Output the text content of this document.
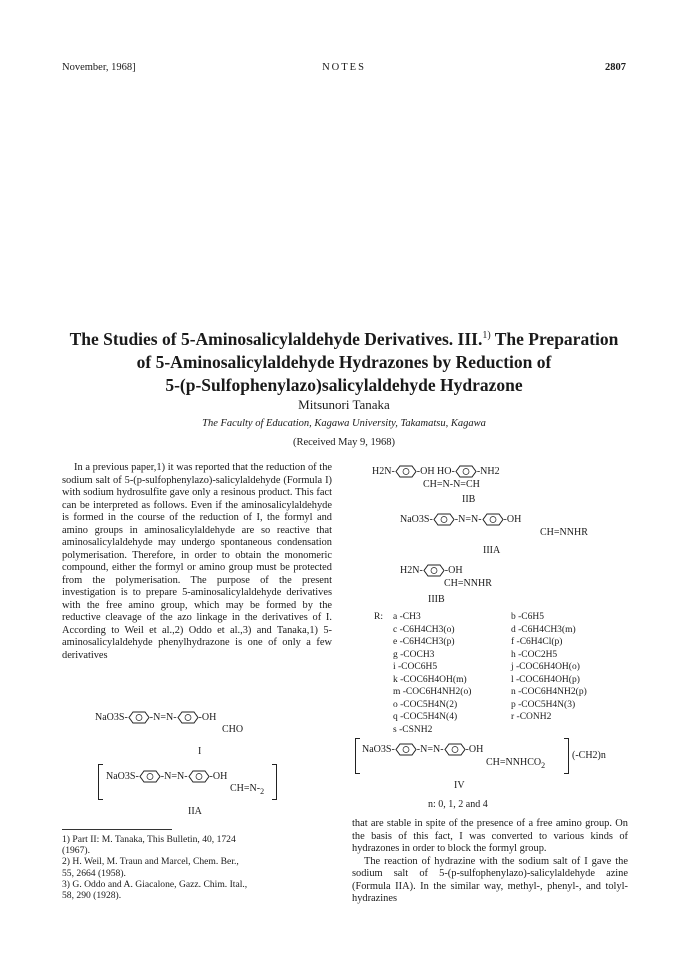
November, 1968]	NOTES	2807
The Studies of 5-Aminosalicylaldehyde Derivatives. III.$^{1)}$ The Preparation
of 5-Aminosalicylaldehyde Hydrazones by Reduction of
5-(p-Sulfophenylazo)salicylaldehyde Hydrazone
Mitsunori Tanaka
The Faculty of Education, Kagawa University, Takamatsu, Kagawa
(Received May 9, 1968)

In a previous paper,1) it was reported that the reduction of the sodium salt of 5-(p-sulfophenylazo)-salicylaldehyde (Formula I) with sodium hydrosulfite gave only a resinous product. This fact can be interpreted as follows. Even if the aminosalicylaldehyde is formed in the course of the reduction of I, the formyl and amino groups in aminosalicylaldehyde are so reactive that aminosalicylaldehyde may undergo spontaneous condensation polymerisation. Therefore, in order to obtain the monomeric compound, either the formyl or amino group must be protected from the polymerisation. The purpose of the present investigation is to prepare 5-aminosalicylaldehyde derivatives with the free amino group, which may be formed by the reductive cleavage of the azo linkage in the derivatives of I. According to Weil et al.,2) Oddo et al.,3) and Tanaka,1) 5-aminosalicylaldehyde phenylhydrazone is one of only a few derivatives

NaO3S- -N=N- -OH
CHO
I
NaO3S- -N=N- -OH
$CH=N-_2$
IIA
1) Part II: M. Tanaka, This Bulletin, 40, 1724
(1967).
2) H. Weil, M. Traun and Marcel, Chem. Ber.,
55, 2664 (1958).
3) G. Oddo and A. Giacalone, Gazz. Chim. Ital.,
58, 290 (1928).
H2N- -OH HO- -NH2
CH=N-N=CH
IIB
NaO3S- -N=N- -OH
CH=NNHR
IIIA
H2N- -OH
CH=NNHR
IIIB
R: a -CH3
c -C6H4CH3(o)
e -C6H4CH3(p)
g -COCH3
i -COC6H5
k -COC6H4OH(m)
m -COC6H4NH2(o)
o -COC5H4N(2)
q -COC5H4N(4)
s -CSNH2
b -C6H5
d -C6H4CH3(m)
f -C6H4Cl(p)
h -COC2H5
j -COC6H4OH(o)
l -COC6H4OH(p)
n -COC6H4NH2(p)
p -COC5H4N(3)
r -CONH2
NaO3S- -N=N- -OH
$CH=NNHCO_2$
(-CH2)n
IV
n: 0, 1, 2 and 4

that are stable in spite of the presence of a free amino group. On the basis of this fact, I was converted to various kinds of hydrazones in order to block the formyl group.

The reaction of hydrazine with the sodium salt of I gave the sodium salt of 5-(p-sulfophenylazo)-salicylaldehyde azine (Formula IIA). In the similar way, methyl-, phenyl-, and tolyl-hydrazines
